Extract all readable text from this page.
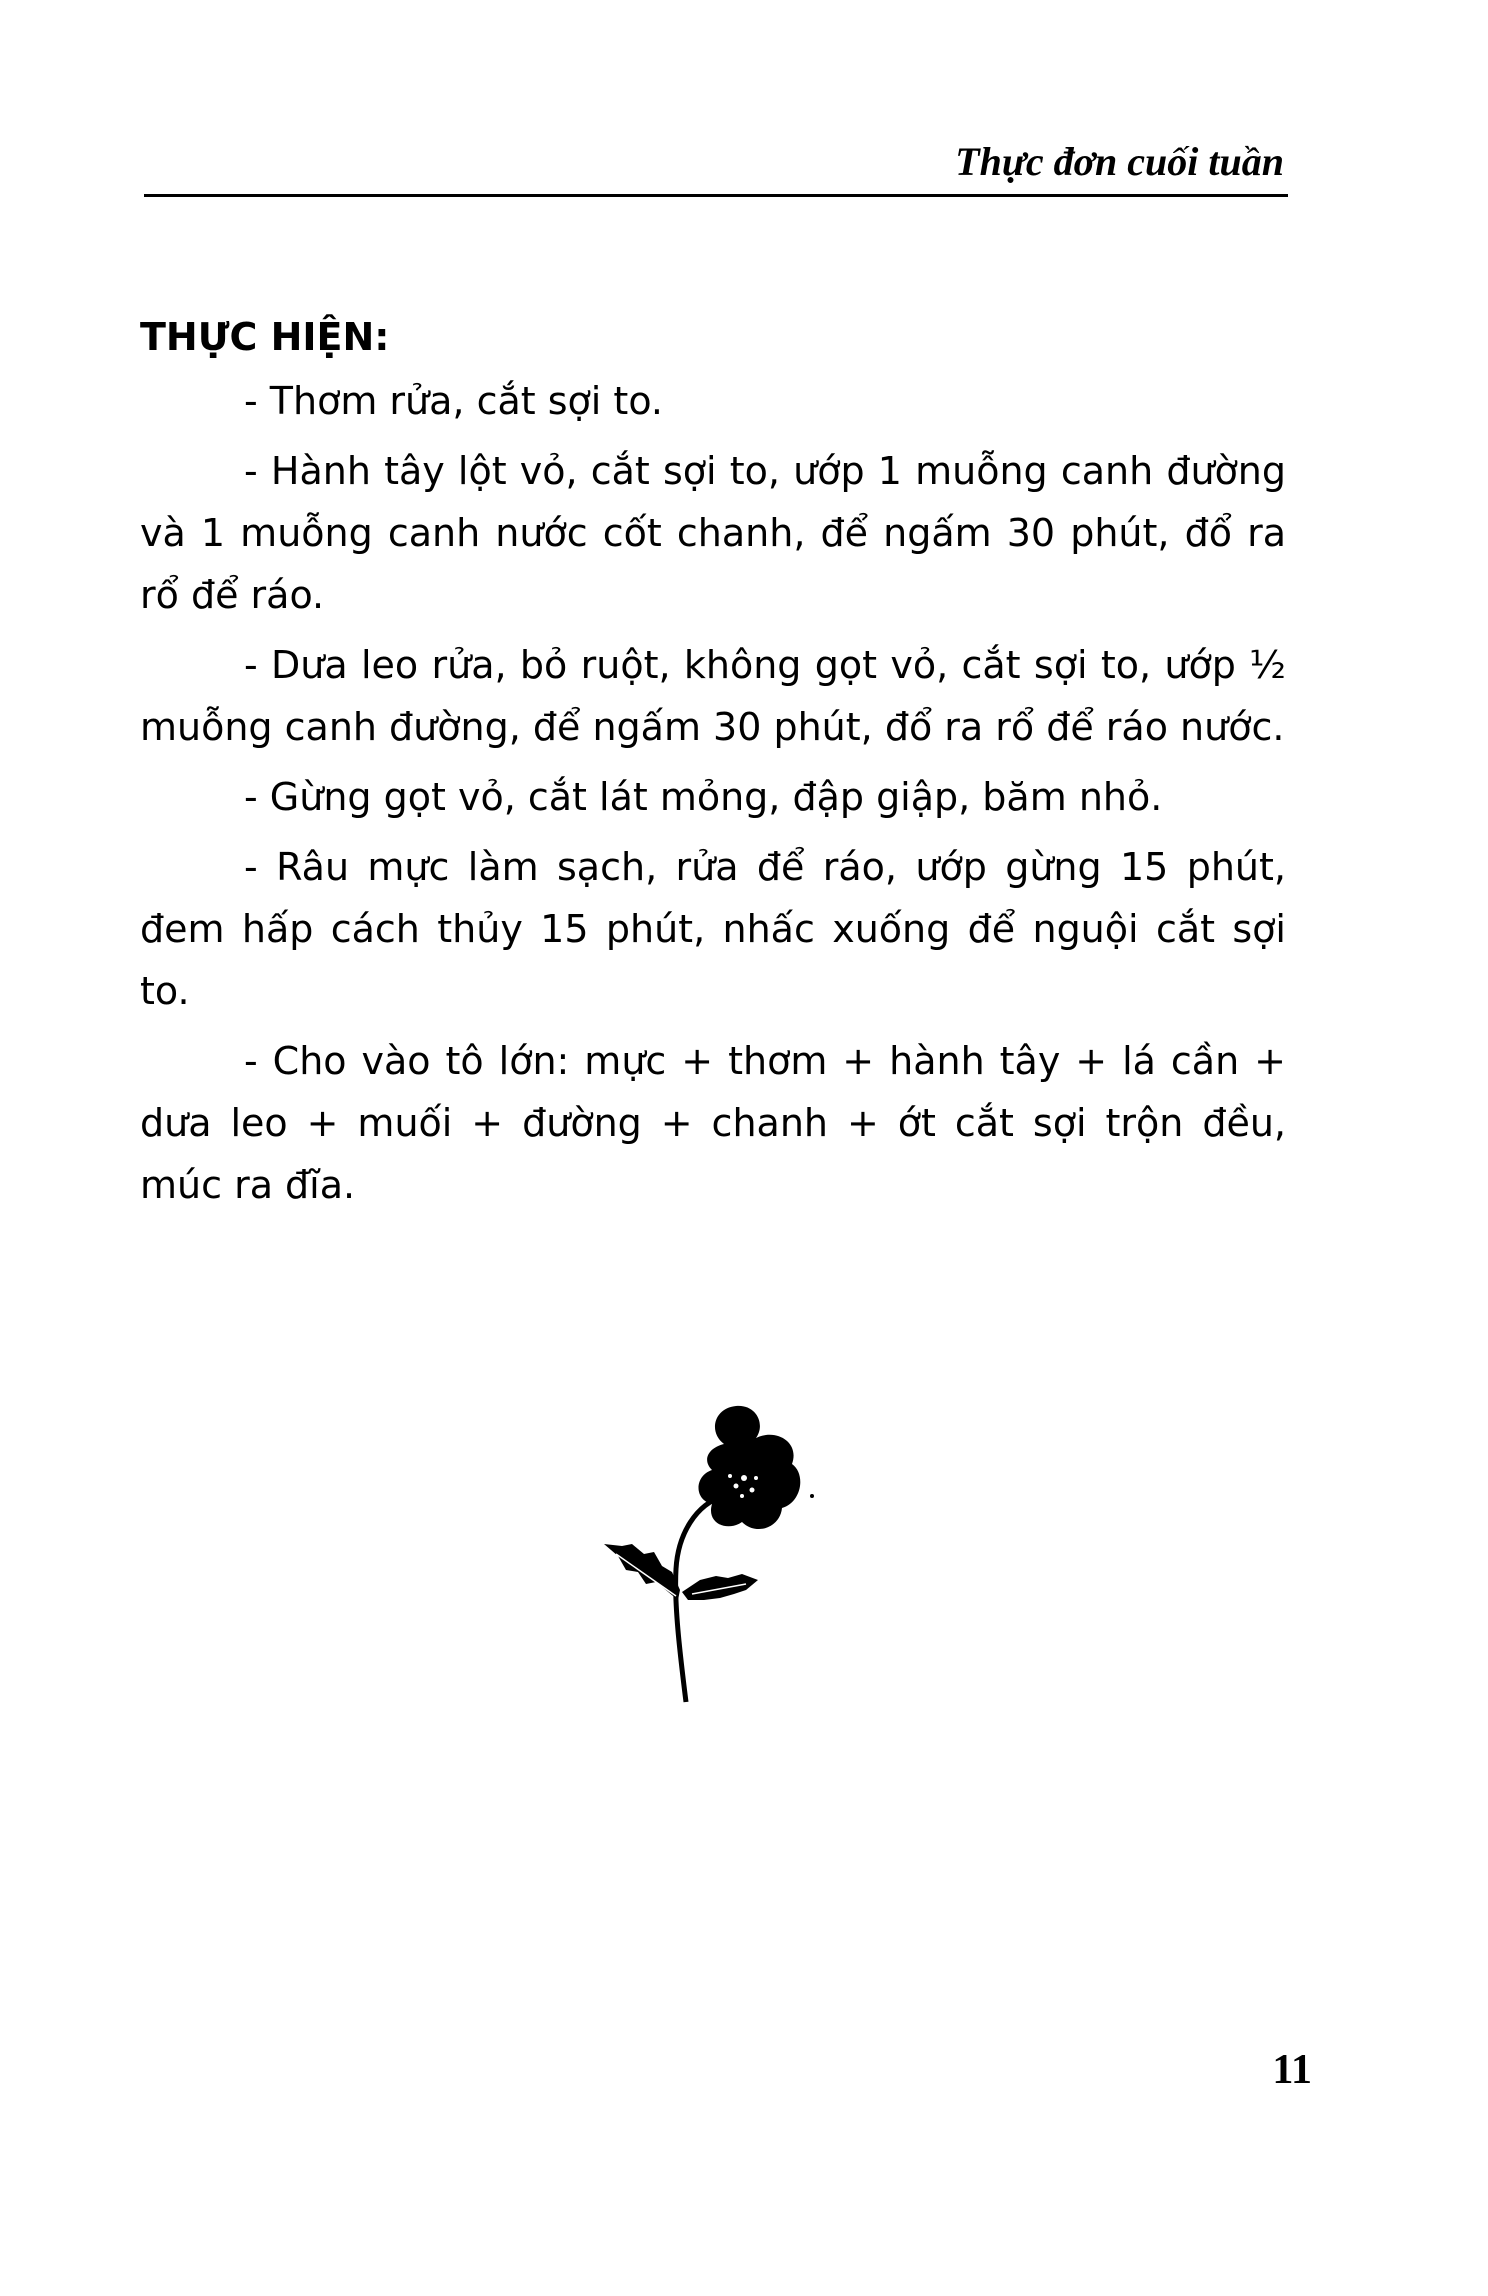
Thực đơn cuối tuần
THỰC HIỆN:

- Thơm rửa, cắt sợi to.

- Hành tây lột vỏ, cắt sợi to, ướp 1 muỗng canh đường và 1 muỗng canh nước cốt chanh, để ngấm 30 phút, đổ ra rổ để ráo.

- Dưa leo rửa, bỏ ruột, không gọt vỏ, cắt sợi to, ướp ½ muỗng canh đường, để ngấm 30 phút, đổ ra rổ để ráo nước.

- Gừng gọt vỏ, cắt lát mỏng, đập giập, băm nhỏ.

- Râu mực làm sạch, rửa để ráo, ướp gừng 15 phút, đem hấp cách thủy 15 phút, nhấc xuống để nguội cắt sợi to.

- Cho vào tô lớn: mực + thơm + hành tây + lá cần + dưa leo + muối + đường + chanh + ớt cắt sợi trộn đều, múc ra đĩa.

11
